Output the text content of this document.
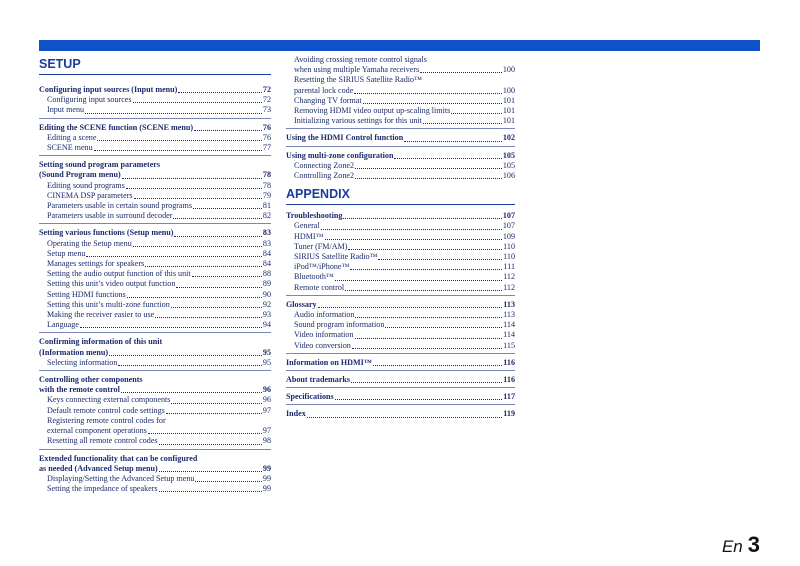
SETUP
Configuring input sources (Input menu)	72
Configuring input sources	72
Input menu	73
Editing the SCENE function (SCENE menu)	76
Editing a scene	76
SCENE menu	77
Setting sound program parameters
(Sound Program menu)	78
Editing sound programs	78
CINEMA DSP parameters	79
Parameters usable in certain sound programs	81
Parameters usable in surround decoder	82
Setting various functions (Setup menu)	83
Operating the Setup menu	83
Setup menu	84
Manages settings for speakers	84
Setting the audio output function of this unit	88
Setting this unit’s video output function	89
Setting HDMI functions	90
Setting this unit’s multi-zone function	92
Making the receiver easier to use	93
Language	94
Confirming information of this unit
(Information menu)	95
Selecting information	95
Controlling other components
with the remote control	96
Keys connecting external components	96
Default remote control code settings	97
Registering remote control codes for
external component operations	97
Resetting all remote control codes	98
Extended functionality that can be configured
as needed (Advanced Setup menu)	99
Displaying/Setting the Advanced Setup menu	99
Setting the impedance of speakers	99
Avoiding crossing remote control signals
when using multiple Yamaha receivers	100
Resetting the SIRIUS Satellite Radio™
parental lock code	100
Changing TV format	101
Removing HDMI video output up-scaling limits	101
Initializing various settings for this unit	101
Using the HDMI Control function	102
Using multi-zone configuration	105
Connecting Zone2	105
Controlling Zone2	106
APPENDIX
Troubleshooting	107
General	107
HDMI™	109
Tuner (FM/AM)	110
SIRIUS Satellite Radio™	110
iPod™/iPhone™	111
Bluetooth™	112
Remote control	112
Glossary	113
Audio information	113
Sound program information	114
Video information	114
Video conversion	115
Information on HDMI™	116
About trademarks	116
Specifications	117
Index	119
En 3
